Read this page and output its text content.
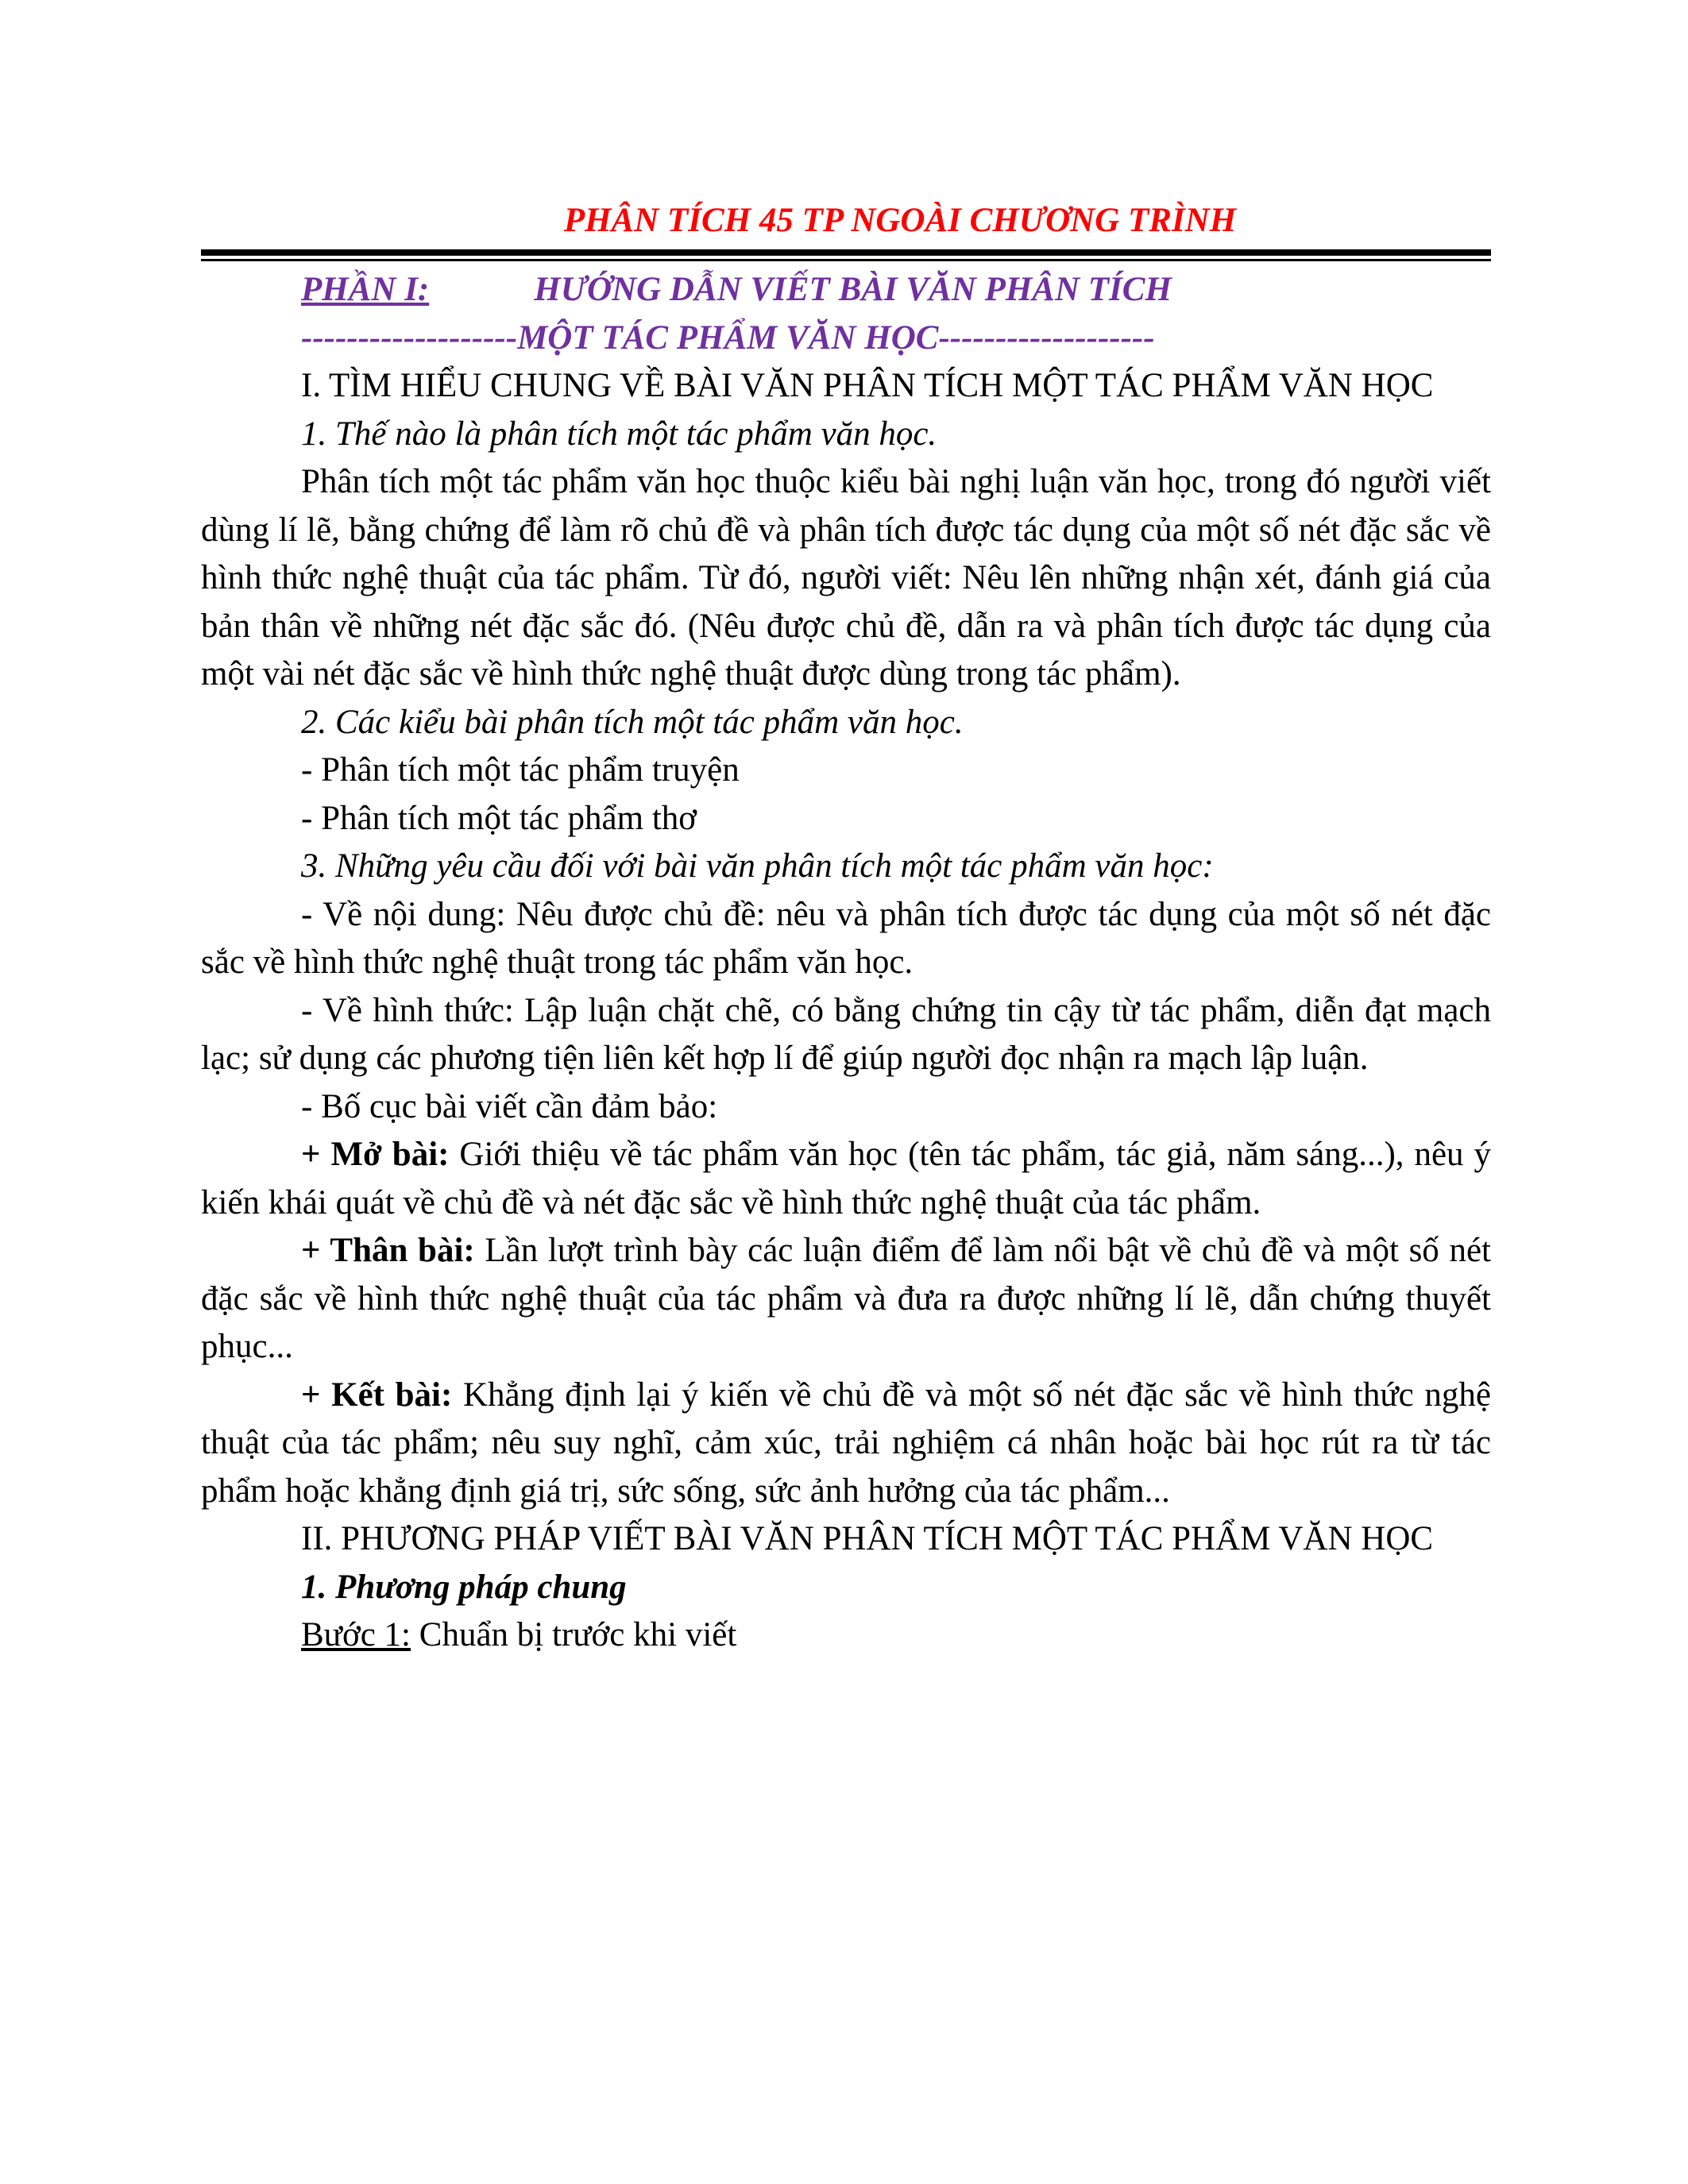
PHÂN TÍCH 45 TP NGOÀI CHƯƠNG TRÌNH
PHẦN I:	HƯỚNG DẪN VIẾT BÀI VĂN PHÂN TÍCH
-------------------MỘT TÁC PHẨM VĂN HỌC-------------------

I. TÌM HIỂU CHUNG VỀ BÀI VĂN PHÂN TÍCH MỘT TÁC PHẨM VĂN HỌC

1. Thế nào là phân tích một tác phẩm văn học.

Phân tích một tác phẩm văn học thuộc kiểu bài nghị luận văn học, trong đó người viết dùng lí lẽ, bằng chứng để làm rõ chủ đề và phân tích được tác dụng của một số nét đặc sắc về hình thức nghệ thuật của tác phẩm. Từ đó, người viết: Nêu lên những nhận xét, đánh giá của bản thân về những nét đặc sắc đó. (Nêu được chủ đề, dẫn ra và phân tích được tác dụng của một vài nét đặc sắc về hình thức nghệ thuật được dùng trong tác phẩm).

2. Các kiểu bài phân tích một tác phẩm văn học.

- Phân tích một tác phẩm truyện

- Phân tích một tác phẩm thơ

3. Những yêu cầu đối với bài văn phân tích một tác phẩm văn học:

- Về nội dung: Nêu được chủ đề: nêu và phân tích được tác dụng của một số nét đặc sắc về hình thức nghệ thuật trong tác phẩm văn học.

- Về hình thức: Lập luận chặt chẽ, có bằng chứng tin cậy từ tác phẩm, diễn đạt mạch lạc; sử dụng các phương tiện liên kết hợp lí để giúp người đọc nhận ra mạch lập luận.

- Bố cục bài viết cần đảm bảo:

+ Mở bài: Giới thiệu về tác phẩm văn học (tên tác phẩm, tác giả, năm sáng...), nêu ý kiến khái quát về chủ đề và nét đặc sắc về hình thức nghệ thuật của tác phẩm.

+ Thân bài: Lần lượt trình bày các luận điểm để làm nổi bật về chủ đề và một số nét đặc sắc về hình thức nghệ thuật của tác phẩm và đưa ra được những lí lẽ, dẫn chứng thuyết phục...

+ Kết bài: Khẳng định lại ý kiến về chủ đề và một số nét đặc sắc về hình thức nghệ thuật của tác phẩm; nêu suy nghĩ, cảm xúc, trải nghiệm cá nhân hoặc bài học rút ra từ tác phẩm hoặc khẳng định giá trị, sức sống, sức ảnh hưởng của tác phẩm...

II. PHƯƠNG PHÁP VIẾT BÀI VĂN PHÂN TÍCH MỘT TÁC PHẨM VĂN HỌC

1. Phương pháp chung

Bước 1: Chuẩn bị trước khi viết
